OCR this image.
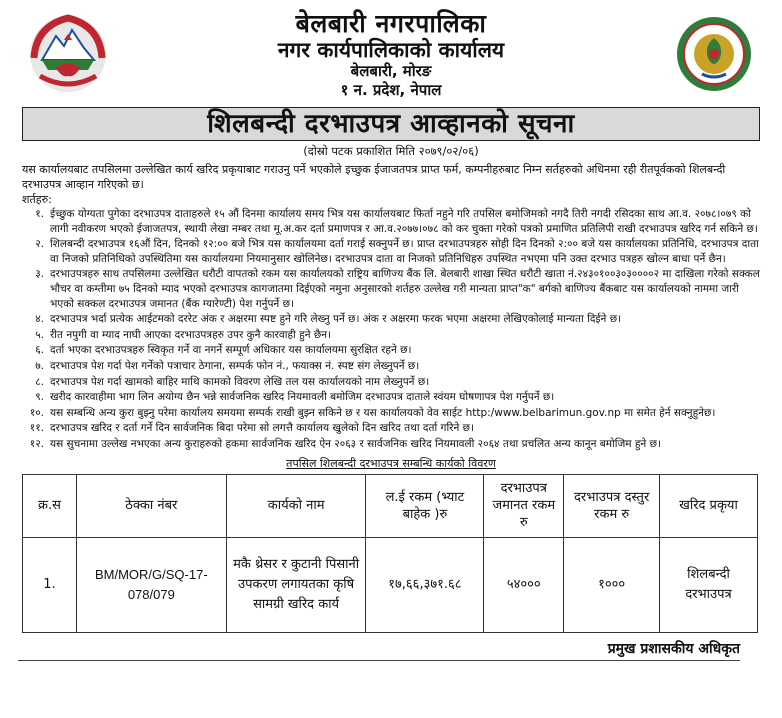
बेलबारी नगरपालिका
नगर कार्यपालिकाको कार्यालय
बेलबारी, मोरङ
१ न. प्रदेश, नेपाल
शिलबन्दी दरभाउपत्र आव्हानको सूचना
(दोस्रो पटक प्रकाशित मिति २०७९/०२/०६)
यस कार्यालयबाट तपसिलमा उल्लेखित कार्य खरिद प्रकृयाबाट गराउनु पर्ने भएकोले इच्छुक ईजाजतपत्र प्राप्त फर्म, कम्पनीहरुबाट निम्न सर्तहरुको अधिनमा रही रीतपूर्वकको शिलबन्दी दरभाउपत्र आव्हान गरिएको छ।
शर्तहरु:
१. ईच्छुक योग्यता पुगेका दरभाउपत्र दाताहरुले १५ औं दिनमा कार्यालय समय भित्र यस कार्यालयबाट फिर्ता नहुने गरि तपसिल बमोजिमको नगदै तिरी नगदी रसिदका साथ आ.व. २०७८।०७९ को लागी नवीकरण भएको ईजाजतपत्र, स्थायी लेखा नम्बर तथा मू.अ.कर दर्ता प्रमाणपत्र र आ.व.२०७७।०७८ को कर चुक्ता गरेको पत्रको प्रमाणित प्रतिलिपी राखी दरभाउपत्र खरिद गर्न सकिने छ।
२. शिलबन्दी दरभाउपत्र १६औं दिन, दिनको १२:०० बजे भित्र यस कार्यालयमा दर्ता गराई सक्नुपर्ने छ। प्राप्त दरभाउपत्रहरु सोही दिन दिनको २:०० बजे यस कार्यालयका प्रतिनिधि, दरभाउपत्र दाता वा निजको प्रतिनिधिको उपस्थितिमा यस कार्यालयमा नियमानुसार खोलिनेछ। दरभाउपत्र दाता वा निजको प्रतिनिधिहरु उपस्थित नभएमा पनि उक्त दरभाउ पत्रहरु खोल्न बाधा पर्ने छैन।
३. दरभाउपत्रहरु साथ तपसिलमा उल्लेखित धरौटी वापतको रकम यस कार्यालयको राष्ट्रिय बाणिज्य बैंक लि. बेलबारी शाखा स्थित धरौटी खाता नं.२४३०१००३०३००००२ मा दाखिला गरेको सक्कल भौचर वा कम्तीमा ७५ दिनको म्याद भएको दरभाउपत्र कागजातमा दिईएको नमुना अनुसारको शर्तहरु उल्लेख गरी मान्यता प्राप्त"क" बर्गको बाणिज्य बैंकबाट यस कार्यालयको नाममा जारी भएको सक्कल दरभाउपत्र जमानत (बैंक ग्यारेण्टी) पेश गर्नुपर्ने छ।
४. दरभाउपत्र भर्दा प्रत्येक आईटमको दररेट अंक र अक्षरमा स्पष्ट हुने गरि लेख्नु पर्ने छ। अंक र अक्षरमा फरक भएमा अक्षरमा लेखिएकोलाई मान्यता दिईने छ।
५. रीत नपुगी वा म्याद नाघी आएका दरभाउपत्रहरु उपर कुनै कारवाही हुने छैन।
६. दर्ता भएका दरभाउपत्रहरु स्विकृत गर्ने वा नगर्ने सम्पूर्ण अधिकार यस कार्यालयमा सुरक्षित रहने छ।
७. दरभाउपत्र पेश गर्दा पेश गर्नेको पत्राचार ठेगाना, सम्पर्क फोन नं., फयाक्स नं. स्पष्ट संग लेख्नुपर्ने छ।
८. दरभाउपत्र पेश गर्दा खामको बाहिर माथि कामको विवरण लेखि तल यस कार्यालयको नाम लेख्नुपर्ने छ।
९. खरीद कारवाहीमा भाग लिन अयोग्य छैन भन्ने सार्वजनिक खरिद नियमावली बमोजिम दरभाउपत्र दाताले स्वंयम घोषणापत्र पेश गर्नुपर्ने छ।
१०. यस सम्बन्धि अन्य कुरा बुझ्नु परेमा कार्यालय समयमा सम्पर्क राखी बुझ्न सकिने छ र यस कार्यालयको वेव साईट http:/www.belbarimun.gov.np मा समेत हेर्न सक्नुहुनेछ।
११. दरभाउपत्र खरिद र दर्ता गर्ने दिन सार्वजनिक बिदा परेमा सो लगत्तै कार्यालय खुलेको दिन खरिद तथा दर्ता गरिने छ।
१२. यस सुचनामा उल्लेख नभएका अन्य कुराहरुको हकमा सार्वजनिक खरिद ऐन २०६३ र सार्वजनिक खरिद नियमावली २०६४ तथा प्रचलित अन्य कानून बमोजिम हुने छ।
तपसिल शिलबन्दी दरभाउपत्र सम्बन्धि कार्यको विवरण
क्र.स	ठेक्का नंबर	कार्यको नाम	ल.ई रकम (भ्याट बाहेक )रु	दरभाउपत्र जमानत रकम रु	दरभाउपत्र दस्तुर रकम रु	खरिद प्रकृया
1.	BM/MOR/G/SQ-17-078/079	मकै थ्रेसर र कुटानी पिसानी उपकरण लगायतका कृषि सामग्री खरिद कार्य	१७,६६,३७१.६८	५४०००	१०००	शिलबन्दी दरभाउपत्र
प्रमुख प्रशासकीय अधिकृत
